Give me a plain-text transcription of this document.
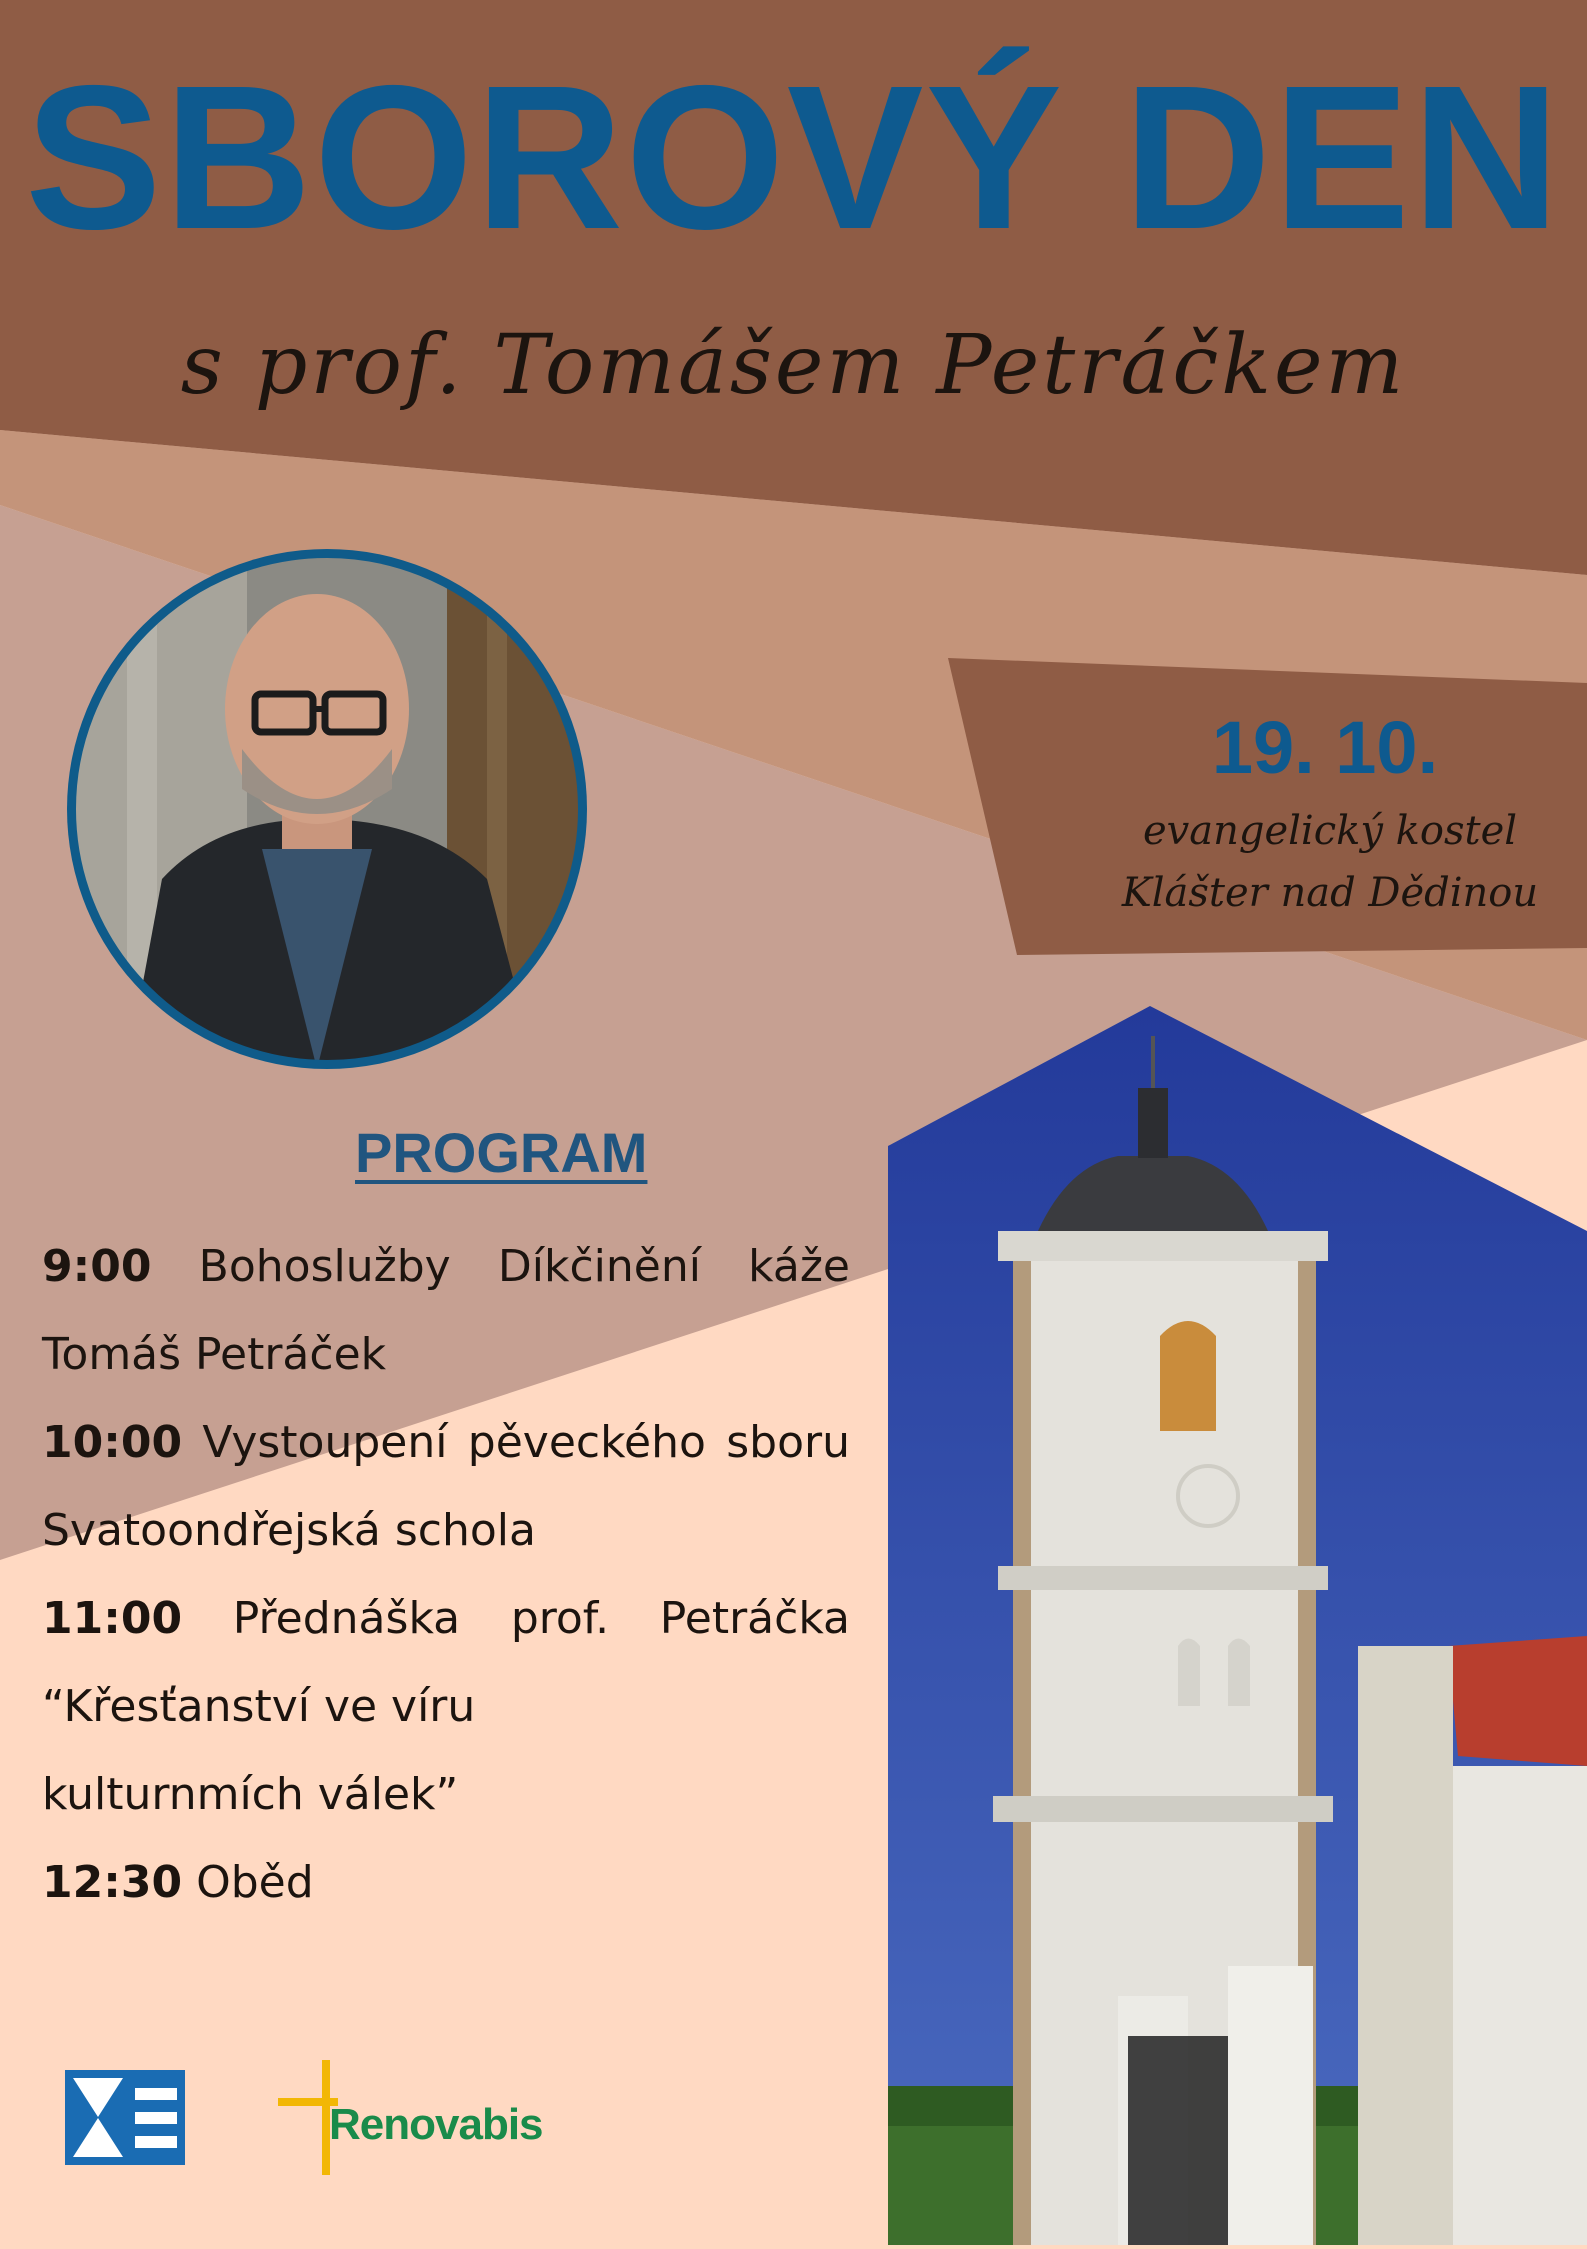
SBOROVÝ DEN
s prof. Tomášem Petráčkem
19. 10.
evangelický kostel
Klášter nad Dědinou
PROGRAM

9:00 Bohoslužby Díkčinění káže Tomáš Petráček

10:00 Vystoupení pěveckého sboru Svatoondřejská schola

11:00 Přednáška prof. Petráčka “Křesťanství ve víru
kulturnmích válek”

12:30 Oběd

Renovabis
